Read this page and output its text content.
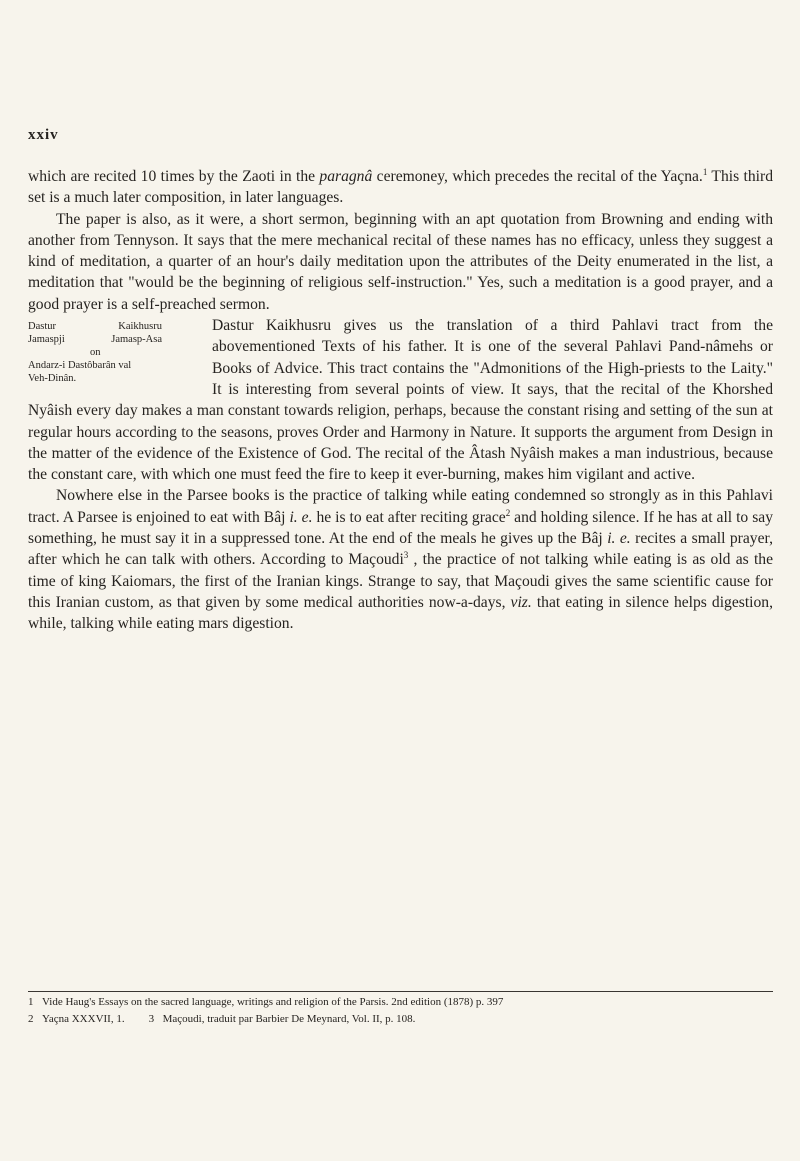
xxiv

which are recited 10 times by the Zaoti in the paragnâ ceremoney, which precedes the recital of the Yaçna.$^1$ This third set is a much later composition, in later languages.

The paper is also, as it were, a short sermon, beginning with an apt quotation from Browning and ending with another from Tennyson. It says that the mere mechanical recital of these names has no efficacy, unless they suggest a kind of meditation, a quarter of an hour's daily meditation upon the attributes of the Deity enumerated in the list, a meditation that "would be the beginning of religious self-instruction." Yes, such a meditation is a good prayer, and a good prayer is a self-preached sermon.

Dastur	Kaikhusru
Jamaspji	Jamasp-Asa
on
Andarz-i Dastôbarân val
Veh-Dinân.

Dastur Kaikhusru gives us the translation of a third Pahlavi tract from the abovementioned Texts of his father. It is one of the several Pahlavi Pand-nâmehs or Books of Advice. This tract contains the "Admonitions of the High-priests to the Laity." It is interesting from several points of view. It says, that the recital of the Khorshed Nyâish every day makes a man constant towards religion, perhaps, because the constant rising and setting of the sun at regular hours according to the seasons, proves Order and Harmony in Nature. It supports the argument from Design in the matter of the evidence of the Existence of God. The recital of the Âtash Nyâish makes a man industrious, because the constant care, with which one must feed the fire to keep it ever-burning, makes him vigilant and active.

Nowhere else in the Parsee books is the practice of talking while eating condemned so strongly as in this Pahlavi tract. A Parsee is enjoined to eat with Bâj i. e. he is to eat after reciting grace$^2$ and holding silence. If he has at all to say something, he must say it in a suppressed tone. At the end of the meals he gives up the Bâj i. e. recites a small prayer, after which he can talk with others. According to Maçoudi$^3$ , the practice of not talking while eating is as old as the time of king Kaiomars, the first of the Iranian kings. Strange to say, that Maçoudi gives the same scientific cause for this Iranian custom, as that given by some medical authorities now-a-days, viz. that eating in silence helps digestion, while, talking while eating mars digestion.

1 Vide Haug's Essays on the sacred language, writings and religion of the Parsis. 2nd edition (1878) p. 397
2 Yaçna XXXVII, 1. 3 Maçoudi, traduit par Barbier De Meynard, Vol. II, p. 108.
